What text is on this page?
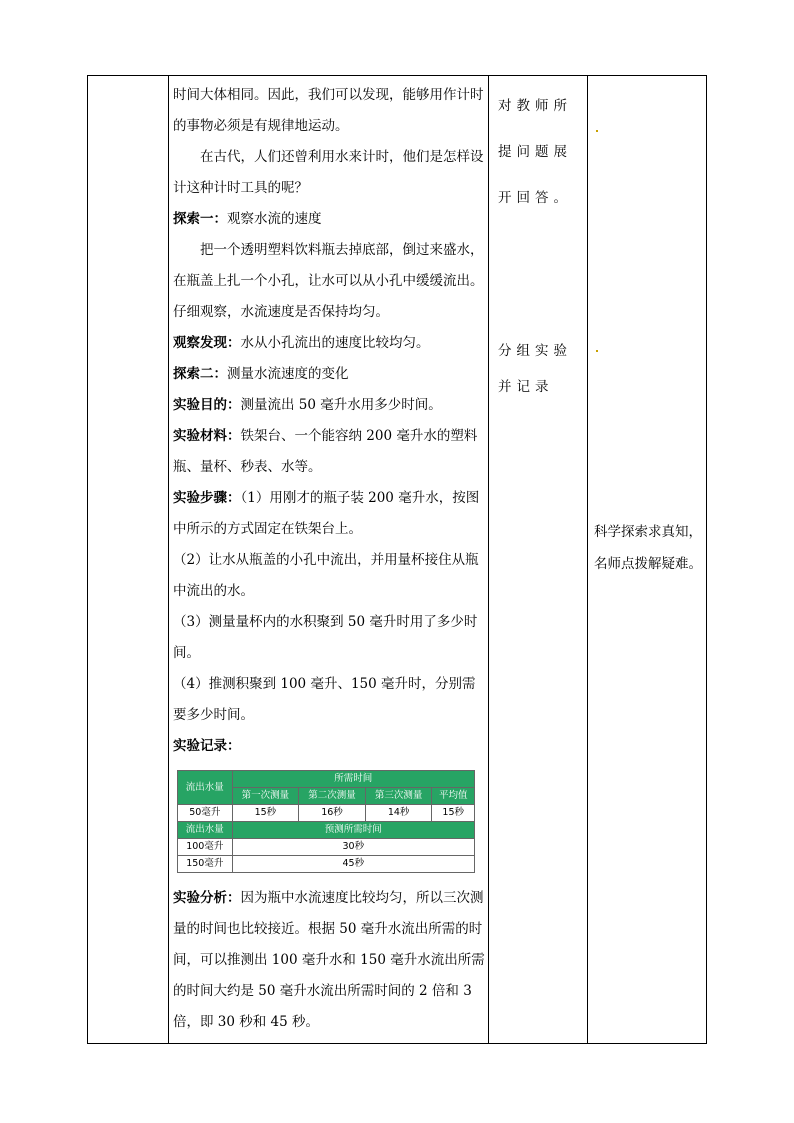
时间大体相同。因此，我们可以发现，能够用作计时的事物必须是有规律地运动。

在古代，人们还曾利用水来计时，他们是怎样设计这种计时工具的呢？

探索一：观察水流的速度

把一个透明塑料饮料瓶去掉底部，倒过来盛水，在瓶盖上扎一个小孔，让水可以从小孔中缓缓流出。仔细观察，水流速度是否保持均匀。

观察发现：水从小孔流出的速度比较均匀。

探索二：测量水流速度的变化

实验目的：测量流出 50 毫升水用多少时间。

实验材料：铁架台、一个能容纳 200 毫升水的塑料瓶、量杯、秒表、水等。

实验步骤：（1）用刚才的瓶子装 200 毫升水，按图中所示的方式固定在铁架台上。

（2）让水从瓶盖的小孔中流出，并用量杯接住从瓶中流出的水。

（3）测量量杯内的水积聚到 50 毫升时用了多少时间。

（4）推测积聚到 100 毫升、150 毫升时，分别需要多少时间。

实验记录：

流出水量	所需时间			
	第一次测量	第二次测量	第三次测量	平均值
50毫升	15秒	16秒	14秒	15秒
流出水量	预测所需时间			
100毫升	30秒			
150毫升	45秒			

实验分析：因为瓶中水流速度比较均匀，所以三次测量的时间也比较接近。根据 50 毫升水流出所需的时间，可以推测出 100 毫升水和 150 毫升水流出所需的时间大约是 50 毫升水流出所需时间的 2 倍和 3 倍，即 30 秒和 45 秒。

对教师所提问题展开回答。
分组实验并记录
科学探索求真知，名师点拨解疑难。
